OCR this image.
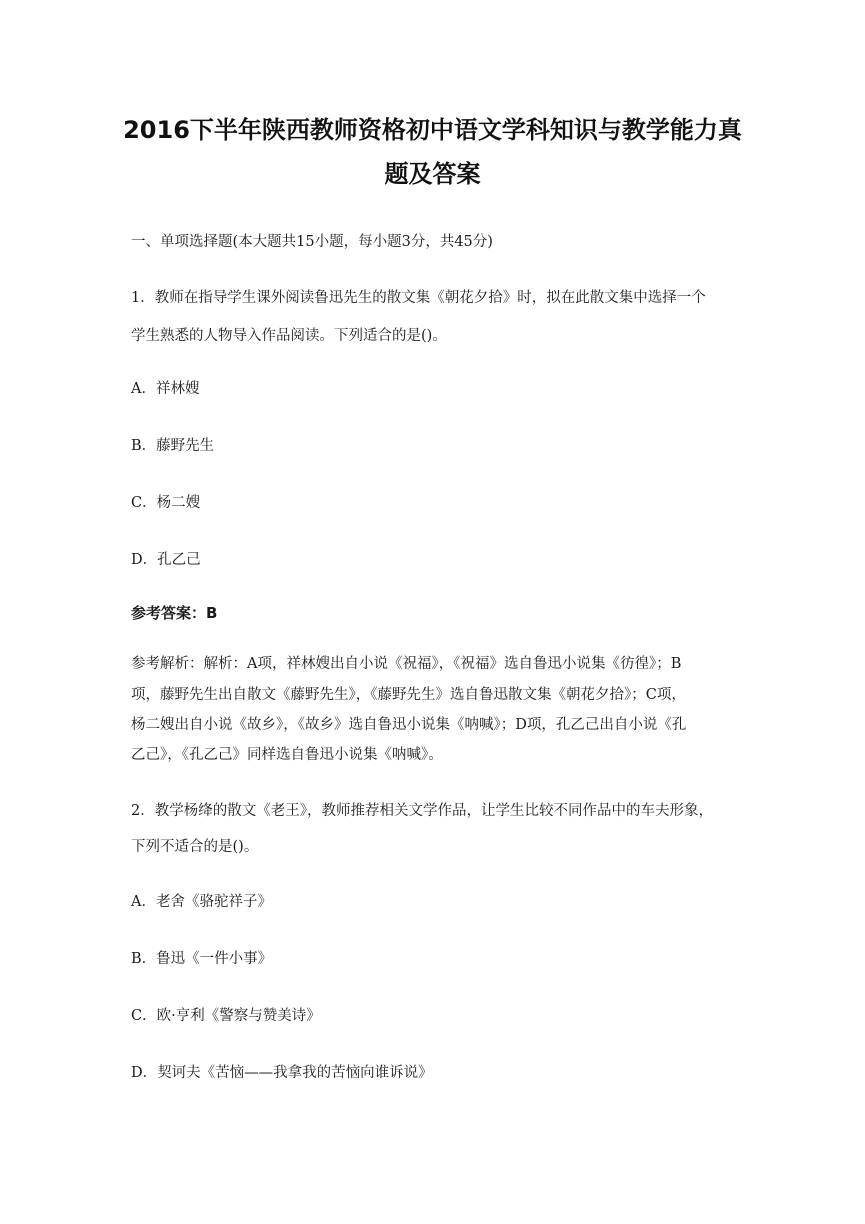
2016下半年陕西教师资格初中语文学科知识与教学能力真
题及答案
一、单项选择题(本大题共15小题，每小题3分，共45分)
1．教师在指导学生课外阅读鲁迅先生的散文集《朝花夕拾》时，拟在此散文集中选择一个
学生熟悉的人物导入作品阅读。下列适合的是()。
A．祥林嫂
B．藤野先生
C．杨二嫂
D．孔乙己
参考答案：B
参考解析：解析：A项，祥林嫂出自小说《祝福》，《祝福》选自鲁迅小说集《彷徨》；B
项，藤野先生出自散文《藤野先生》，《藤野先生》选自鲁迅散文集《朝花夕拾》；C项，
杨二嫂出自小说《故乡》，《故乡》选自鲁迅小说集《呐喊》；D项，孔乙己出自小说《孔
乙己》，《孔乙己》同样选自鲁迅小说集《呐喊》。
2．教学杨绛的散文《老王》，教师推荐相关文学作品，让学生比较不同作品中的车夫形象，
下列不适合的是()。
A．老舍《骆驼祥子》
B．鲁迅《一件小事》
C．欧·亨利《警察与赞美诗》
D．契诃夫《苦恼——我拿我的苦恼向谁诉说》
